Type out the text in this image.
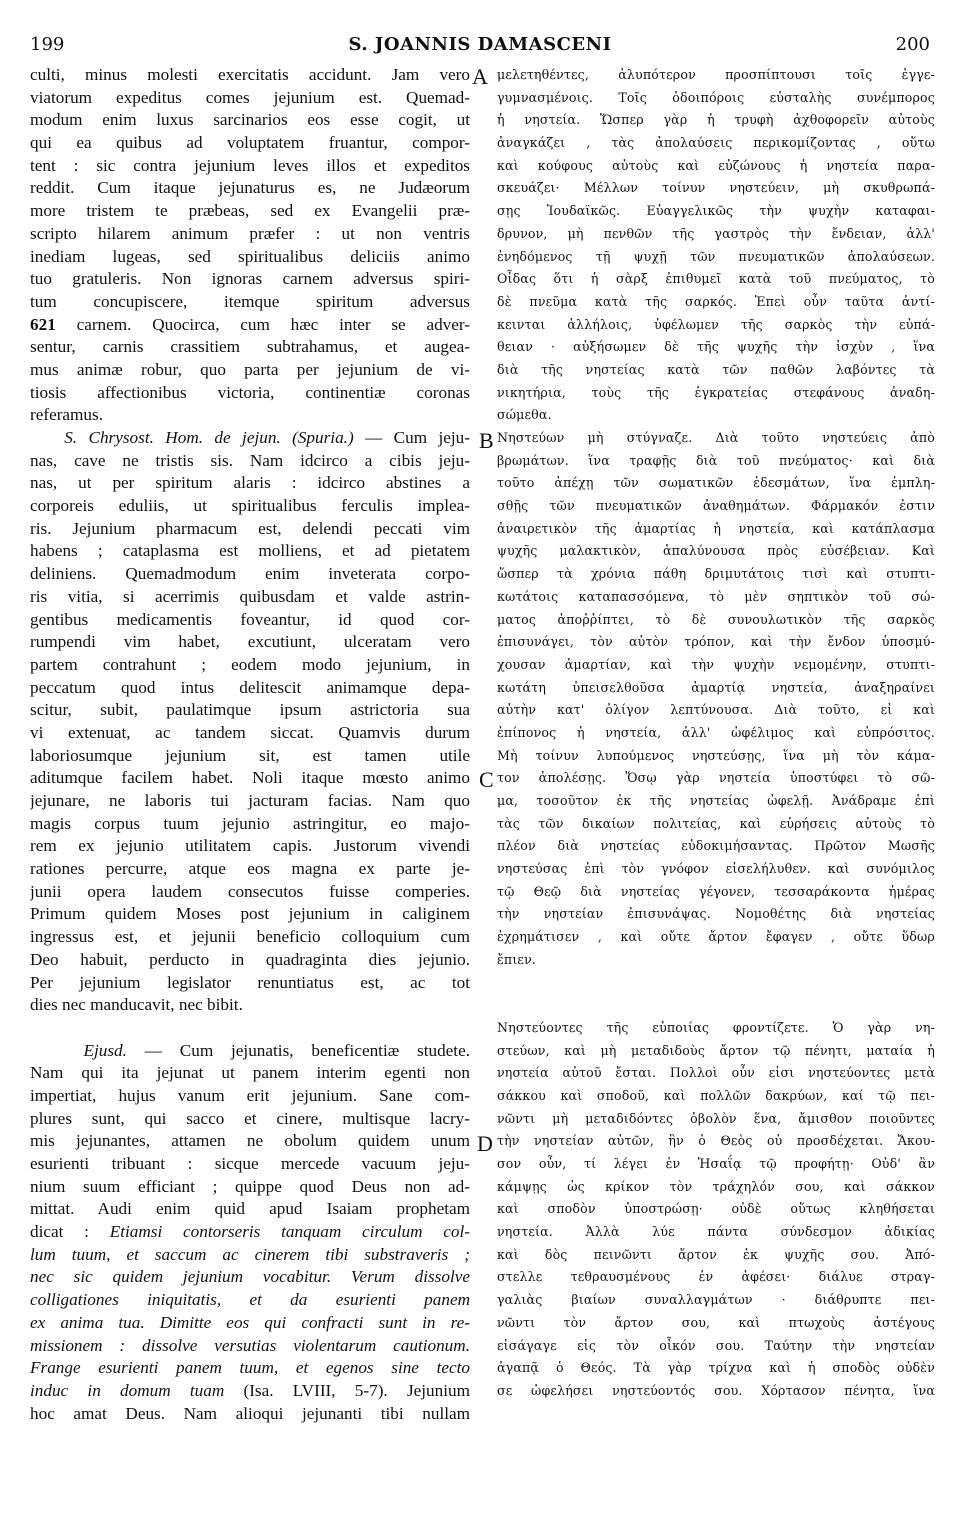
199	S. JOANNIS DAMASCENI	200
A
B
C
D
culti, minus molesti exercitatis accidunt. Jam vero
viatorum expeditus comes jejunium est. Quemad-
modum enim luxus sarcinarios eos esse cogit, ut
qui ea quibus ad voluptatem fruantur, compor-
tent : sic contra jejunium leves illos et expeditos
reddit. Cum itaque jejunaturus es, ne Judæorum
more tristem te præbeas, sed ex Evangelii præ-
scripto hilarem animum præfer : ut non ventris
inediam lugeas, sed spiritualibus deliciis animo
tuo gratuleris. Non ignoras carnem adversus spiri-
tum concupiscere, itemque spiritum adversus
621 carnem. Quocirca, cum hæc inter se adver-
sentur, carnis crassitiem subtrahamus, et augea-
mus animæ robur, quo parta per jejunium de vi-
tiosis affectionibus victoria, continentiæ coronas
referamus.
S. Chrysost. Hom. de jejun. (Spuria.) — Cum jeju-
nas, cave ne tristis sis. Nam idcirco a cibis jeju-
nas, ut per spiritum alaris : idcirco abstines a
corporeis eduliis, ut spiritualibus ferculis implea-
ris. Jejunium pharmacum est, delendi peccati vim
habens ; cataplasma est molliens, et ad pietatem
deliniens. Quemadmodum enim inveterata corpo-
ris vitia, si acerrimis quibusdam et valde astrin-
gentibus medicamentis foveantur, id quod cor-
rumpendi vim habet, excutiunt, ulceratam vero
partem contrahunt ; eodem modo jejunium, in
peccatum quod intus delitescit animamque depa-
scitur, subit, paulatimque ipsum astrictoria sua
vi extenuat, ac tandem siccat. Quamvis durum
laboriosumque jejunium sit, est tamen utile
aditumque facilem habet. Noli itaque mœsto animo
jejunare, ne laboris tui jacturam facias. Nam quo
magis corpus tuum jejunio astringitur, eo majo-
rem ex jejunio utilitatem capis. Justorum vivendi
rationes percurre, atque eos magna ex parte je-
junii opera laudem consecutos fuisse comperies.
Primum quidem Moses post jejunium in caliginem
ingressus est, et jejunii beneficio colloquium cum
Deo habuit, perducto in quadraginta dies jejunio.
Per jejunium legislator renuntiatus est, ac tot
dies nec manducavit, nec bibit.
Ejusd. — Cum jejunatis, beneficentiæ studete.
Nam qui ita jejunat ut panem interim egenti non
impertiat, hujus vanum erit jejunium. Sane com-
plures sunt, qui sacco et cinere, multisque lacry-
mis jejunantes, attamen ne obolum quidem unum
esurienti tribuant : sicque mercede vacuum jeju-
nium suum efficiant ; quippe quod Deus non ad-
mittat. Audi enim quid apud Isaiam prophetam
dicat : Etiamsi contorseris tanquam circulum col-
lum tuum, et saccum ac cinerem tibi substraveris ;
nec sic quidem jejunium vocabitur. Verum dissolve
colligationes iniquitatis, et da esurienti panem
ex anima tua. Dimitte eos qui confracti sunt in re-
missionem : dissolve versutias violentarum cautionum.
Frange esurienti panem tuum, et egenos sine tecto
induc in domum tuam (Isa. LVIII, 5-7). Jejunium
hoc amat Deus. Nam alioqui jejunanti tibi nullam
μελετηθέντες, ἀλυπότερον προσπίπτουσι τοῖς ἐγγε-
γυμνασμένοις. Τοῖς ὁδοιπόροις εὐσταλὴς συνέμπορος
ἡ νηστεία. Ὥσπερ γὰρ ἡ τρυφὴ ἀχθοφορεῖν αὐτοὺς
ἀναγκάζει , τὰς ἀπολαύσεις περικομίζοντας , οὕτω
καὶ κούφους αὐτοὺς καὶ εὐζώνους ἡ νηστεία παρα-
σκευάζει· Μέλλων τοίνυν νηστεύειν, μὴ σκυθρωπά-
σῃς Ἰουδαϊκῶς. Εὐαγγελικῶς τὴν ψυχὴν καταφαι-
δρυνον, μὴ πενθῶν τῆς γαστρὸς τὴν ἔνδειαν, ἀλλ'
ἐνηδόμενος τῇ ψυχῇ τῶν πνευματικῶν ἀπολαύσεων.
Οἶδας ὅτι ἡ σὰρξ ἐπιθυμεῖ κατὰ τοῦ πνεύματος, τὸ
δὲ πνεῦμα κατὰ τῆς σαρκός. Ἐπεὶ οὖν ταῦτα ἀντί-
κεινται ἀλλήλοις, ὑφέλωμεν τῆς σαρκὸς τὴν εὐπά-
θειαν · αὐξήσωμεν δὲ τῆς ψυχῆς τὴν ἰσχὺν , ἵνα
διὰ τῆς νηστείας κατὰ τῶν παθῶν λαβόντες τὰ
νικητήρια, τοὺς τῆς ἐγκρατείας στεφάνους ἀναδη-
σώμεθα.
Νηστεύων μὴ στύγναζε. Διὰ τοῦτο νηστεύεις ἀπὸ
βρωμάτων. ἵνα τραφῇς διὰ τοῦ πνεύματος· καὶ διὰ
τοῦτο ἀπέχῃ τῶν σωματικῶν ἐδεσμάτων, ἵνα ἐμπλη-
σθῇς τῶν πνευματικῶν ἀναθημάτων. Φάρμακόν ἐστιν
ἀναιρετικὸν τῆς ἁμαρτίας ἡ νηστεία, καὶ κατάπλασμα
ψυχῆς μαλακτικὸν, ἁπαλύνουσα πρὸς εὐσέβειαν. Καὶ
ὥσπερ τὰ χρόνια πάθη δριμυτάτοις τισὶ καὶ στυπτι-
κωτάτοις καταπασσόμενα, τὸ μὲν σηπτικὸν τοῦ σώ-
ματος ἀποῤῥίπτει, τὸ δὲ συνουλωτικὸν τῆς σαρκὸς
ἐπισυνάγει, τὸν αὐτὸν τρόπον, καὶ τὴν ἔνδον ὑποσμύ-
χουσαν ἁμαρτίαν, καὶ τὴν ψυχὴν νεμομένην, στυπτι-
κωτάτη ὑπεισελθοῦσα ἁμαρτίᾳ νηστεία, ἀναξηραίνει
αὐτὴν κατ' ὀλίγον λεπτύνουσα. Διὰ τοῦτο, εἰ καὶ
ἐπίπονος ἡ νηστεία, ἀλλ' ὠφέλιμος καὶ εὐπρόσιτος.
Μὴ τοίνυν λυπούμενος νηστεύσῃς, ἵνα μὴ τὸν κάμα-
τον ἀπολέσῃς. Ὅσῳ γὰρ νηστεία ὑποστύφει τὸ σῶ-
μα, τοσοῦτον ἐκ τῆς νηστείας ὠφελῇ. Ἀνάδραμε ἐπὶ
τὰς τῶν δικαίων πολιτείας, καὶ εὑρήσεις αὐτοὺς τὸ
πλέον διὰ νηστείας εὐδοκιμήσαντας. Πρῶτον Μωσῆς
νηστεύσας ἐπὶ τὸν γνόφον εἰσελήλυθεν. καὶ συνόμιλος
τῷ Θεῷ διὰ νηστείας γέγονεν, τεσσαράκοντα ἡμέρας
τὴν νηστείαν ἐπισυνάψας. Νομοθέτης διὰ νηστείας
ἐχρημάτισεν , καὶ οὔτε ἄρτον ἔφαγεν , οὔτε ὕδωρ
ἔπιεν.
Νηστεύοντες τῆς εὐποιίας φροντίζετε. Ὁ γὰρ νη-
στεύων, καὶ μὴ μεταδιδοὺς ἄρτον τῷ πένητι, ματαία ἡ
νηστεία αὐτοῦ ἔσται. Πολλοὶ οὖν εἰσι νηστεύοντες μετὰ
σάκκου καὶ σποδοῦ, καὶ πολλῶν δακρύων, καί τῷ πει-
νῶντι μὴ μεταδιδόντες ὀβολὸν ἕνα, ἄμισθον ποιοῦντες
τὴν νηστείαν αὐτῶν, ἣν ὁ Θεὸς οὐ προσδέχεται. Ἄκου-
σον οὖν, τί λέγει ἐν Ἡσαΐᾳ τῷ προφήτῃ· Οὐδ' ἂν
κάμψῃς ὡς κρίκον τὸν τράχηλόν σου, καὶ σάκκον
καὶ σποδὸν ὑποστρώσῃ· οὐδὲ οὕτως κληθήσεται
νηστεία. Ἀλλὰ λύε πάντα σύνδεσμον ἀδικίας
καὶ δὸς πεινῶντι ἄρτον ἐκ ψυχῆς σου. Ἀπό-
στελλε τεθραυσμένους ἐν ἀφέσει· διάλυε στραγ-
γαλιὰς βιαίων συναλλαγμάτων · διάθρυπτε πει-
νῶντι τὸν ἄρτον σου, καὶ πτωχοὺς ἀστέγους
εἰσάγαγε εἰς τὸν οἶκόν σου. Ταύτην τὴν νηστείαν
ἀγαπᾷ ὁ Θεός. Τὰ γὰρ τρίχνα καὶ ἡ σποδὸς οὐδὲν
σε ὠφελήσει νηστεύοντός σου. Χόρτασον πένητα, ἵνα
